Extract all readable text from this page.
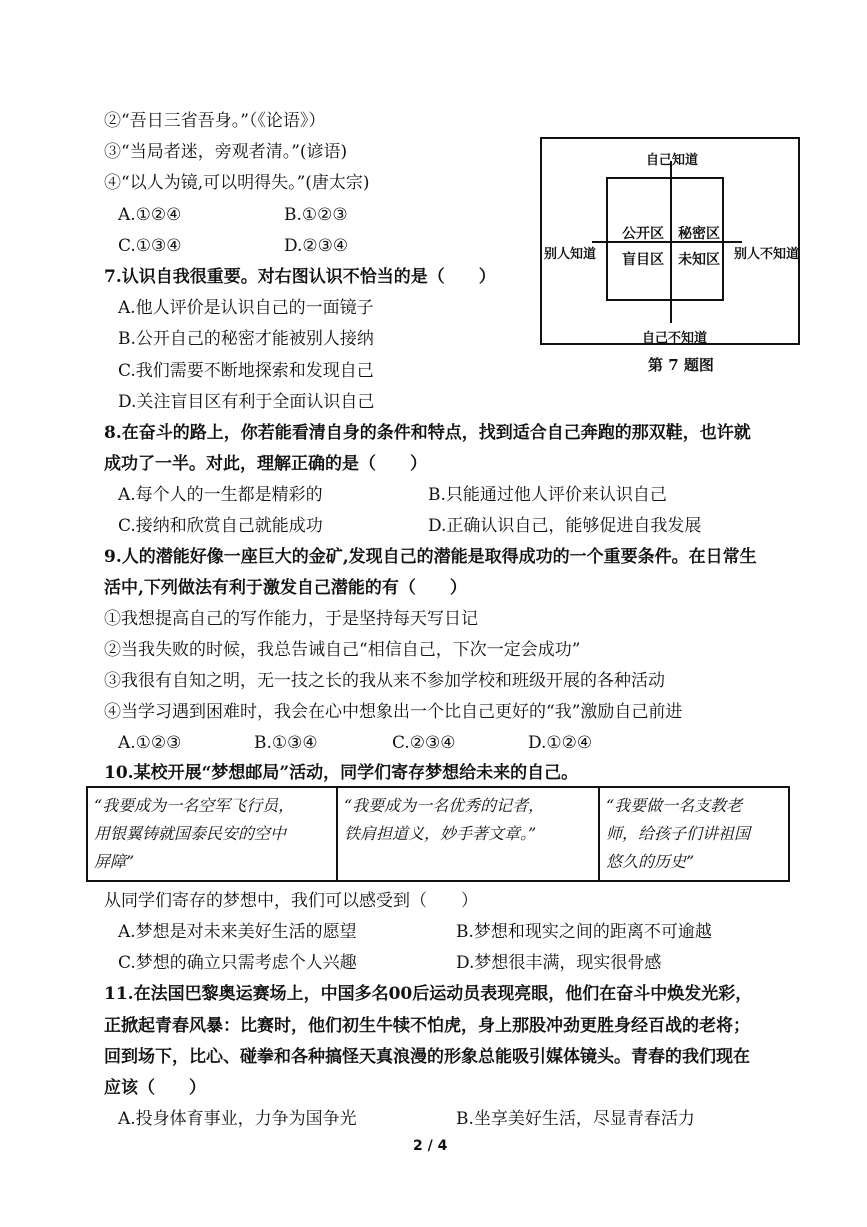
②“吾日三省吾身。”（《论语》）
③“当局者迷，旁观者清。”(谚语)
④“以人为镜,可以明得失。”(唐太宗)
A.①②④	B.①②③
C.①③④	D.②③④
7.认识自我很重要。对右图认识不恰当的是（　　）
A.他人评价是认识自己的一面镜子
B.公开自己的秘密才能被别人接纳
C.我们需要不断地探索和发现自己
D.关注盲目区有利于全面认识自己
自己知道
自己不知道
别人知道	别人不知道
公开区 秘密区
盲目区 未知区
第 7 题图
8.在奋斗的路上，你若能看清自身的条件和特点，找到适合自己奔跑的那双鞋，也许就
成功了一半。对此，理解正确的是（　　）
A.每个人的一生都是精彩的	B.只能通过他人评价来认识自己
C.接纳和欣赏自己就能成功	D.正确认识自己，能够促进自我发展
9.人的潜能好像一座巨大的金矿,发现自己的潜能是取得成功的一个重要条件。在日常生
活中,下列做法有利于激发自己潜能的有（　　）
①我想提高自己的写作能力，于是坚持每天写日记
②当我失败的时候，我总告诫自己“相信自己，下次一定会成功”
③我很有自知之明，无一技之长的我从来不参加学校和班级开展的各种活动
④当学习遇到困难时，我会在心中想象出一个比自己更好的“我”激励自己前进
A.①②③	B.①③④	C.②③④	D.①②④
10.某校开展“梦想邮局”活动，同学们寄存梦想给未来的自己。
“我要成为一名空军飞行员，
用银翼铸就国泰民安的空中
屏障”

“我要成为一名优秀的记者，
铁肩担道义，妙手著文章。”

“我要做一名支教老
师，给孩子们讲祖国
悠久的历史”
从同学们寄存的梦想中，我们可以感受到（　　）
A.梦想是对未来美好生活的愿望	B.梦想和现实之间的距离不可逾越
C.梦想的确立只需考虑个人兴趣	D.梦想很丰满，现实很骨感
11.在法国巴黎奥运赛场上，中国多名00后运动员表现亮眼，他们在奋斗中焕发光彩，
正掀起青春风暴：比赛时，他们初生牛犊不怕虎，身上那股冲劲更胜身经百战的老将；
回到场下，比心、碰拳和各种搞怪天真浪漫的形象总能吸引媒体镜头。青春的我们现在
应该（　　）
A.投身体育事业，力争为国争光	B.坐享美好生活，尽显青春活力
2 / 4
